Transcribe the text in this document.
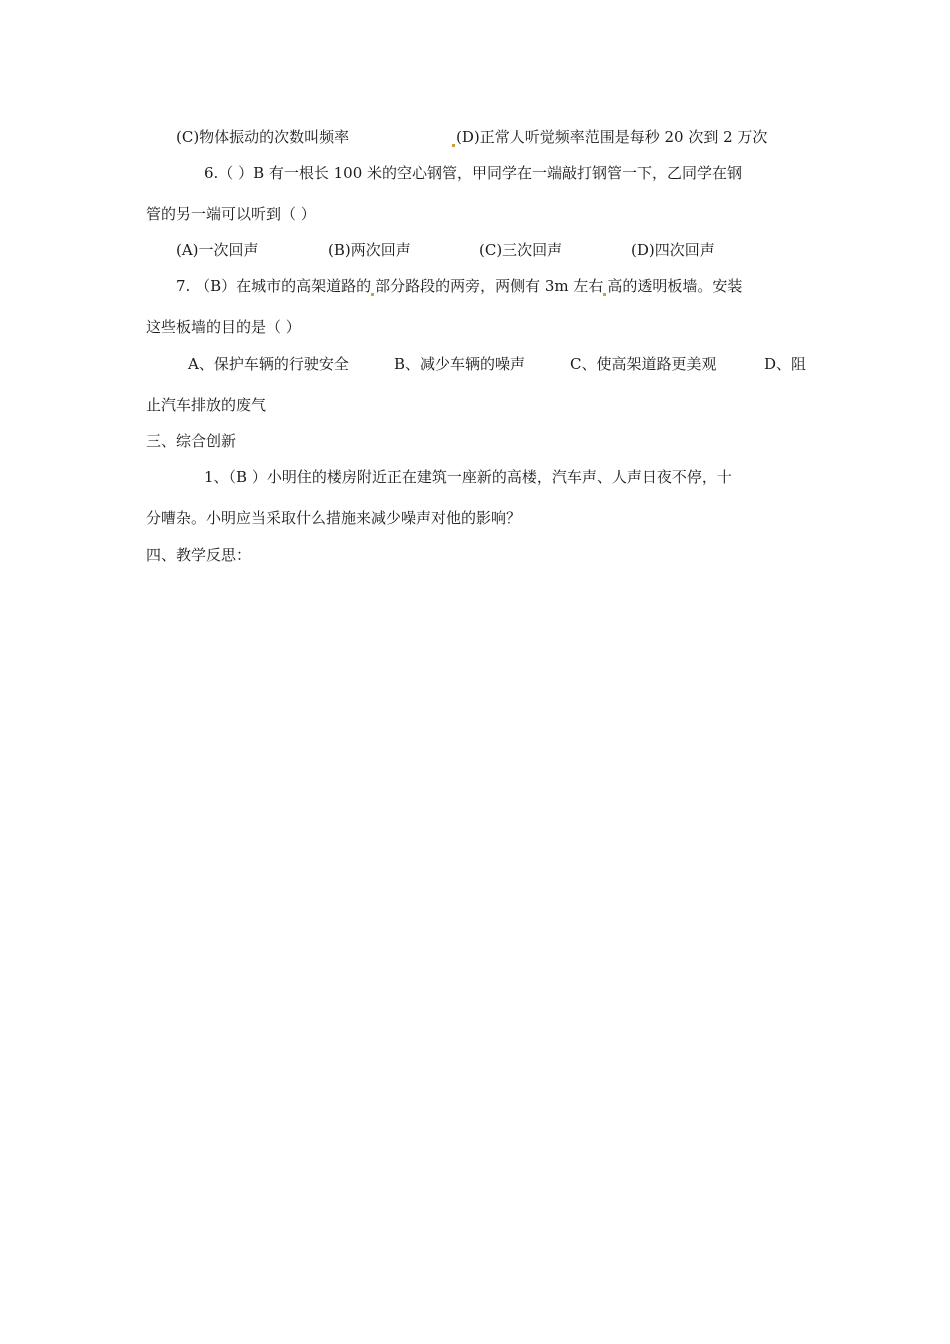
(C)物体振动的次数叫频率	(D)正常人听觉频率范围是每秒 20 次到 2 万次
6.（ ）B 有一根长 100 米的空心钢管，甲同学在一端敲打钢管一下，乙同学在钢
管的另一端可以听到（ ）
(A)一次回声	(B)两次回声	(C)三次回声	(D)四次回声
7. （B）在城市的高架道路的 部分路段的两旁，两侧有 3m 左右 高的透明板墙。安装
这些板墙的目的是（ ）
A、保护车辆的行驶安全	B、减少车辆的噪声	C、使高架道路更美观	D、阻
止汽车排放的废气
三、综合创新
1、（B ）小明住的楼房附近正在建筑一座新的高楼，汽车声、人声日夜不停，十
分嘈杂。小明应当采取什么措施来减少噪声对他的影响？
四、教学反思：
